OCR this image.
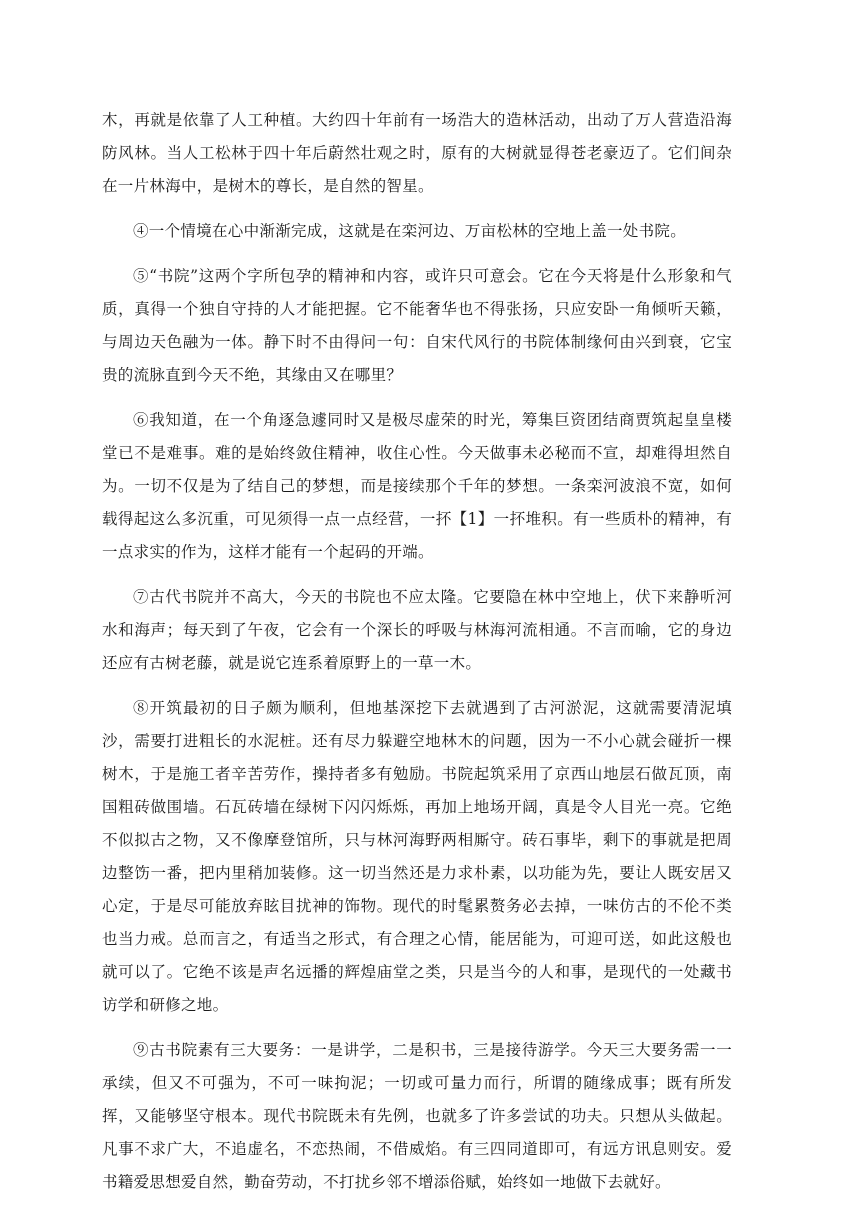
木，再就是依靠了人工种植。大约四十年前有一场浩大的造林活动，出动了万人营造沿海防风林。当人工松林于四十年后蔚然壮观之时，原有的大树就显得苍老豪迈了。它们间杂在一片林海中，是树木的尊长，是自然的智星。

④一个情境在心中渐渐完成，这就是在栾河边、万亩松林的空地上盖一处书院。

⑤“书院”这两个字所包孕的精神和内容，或许只可意会。它在今天将是什么形象和气质，真得一个独自守持的人才能把握。它不能奢华也不得张扬，只应安卧一角倾听天籁，与周边天色融为一体。静下时不由得问一句：自宋代风行的书院体制缘何由兴到衰，它宝贵的流脉直到今天不绝，其缘由又在哪里？

⑥我知道，在一个角逐急遽同时又是极尽虚荣的时光，筹集巨资团结商贾筑起皇皇楼堂已不是难事。难的是始终敛住精神，收住心性。今天做事未必秘而不宣，却难得坦然自为。一切不仅是为了结自己的梦想，而是接续那个千年的梦想。一条栾河波浪不宽，如何载得起这么多沉重，可见须得一点一点经营，一抔【1】一抔堆积。有一些质朴的精神，有一点求实的作为，这样才能有一个起码的开端。

⑦古代书院并不高大，今天的书院也不应太隆。它要隐在林中空地上，伏下来静听河水和海声；每天到了午夜，它会有一个深长的呼吸与林海河流相通。不言而喻，它的身边还应有古树老藤，就是说它连系着原野上的一草一木。

⑧开筑最初的日子颇为顺利，但地基深挖下去就遇到了古河淤泥，这就需要清泥填沙，需要打进粗长的水泥桩。还有尽力躲避空地林木的问题，因为一不小心就会碰折一棵树木，于是施工者辛苦劳作，操持者多有勉励。书院起筑采用了京西山地层石做瓦顶，南国粗砖做围墙。石瓦砖墙在绿树下闪闪烁烁，再加上地场开阔，真是令人目光一亮。它绝不似拟古之物，又不像摩登馆所，只与林河海野两相厮守。砖石事毕，剩下的事就是把周边整饬一番，把内里稍加装修。这一切当然还是力求朴素，以功能为先，要让人既安居又心定，于是尽可能放弃眩目扰神的饰物。现代的时髦累赘务必去掉，一味仿古的不伦不类也当力戒。总而言之，有适当之形式，有合理之心情，能居能为，可迎可送，如此这般也就可以了。它绝不该是声名远播的辉煌庙堂之类，只是当今的人和事，是现代的一处藏书访学和研修之地。

⑨古书院素有三大要务：一是讲学，二是积书，三是接待游学。今天三大要务需一一承续，但又不可强为，不可一味拘泥；一切或可量力而行，所谓的随缘成事；既有所发挥，又能够坚守根本。现代书院既未有先例，也就多了许多尝试的功夫。只想从头做起。凡事不求广大，不追虚名，不恋热闹，不借威焰。有三四同道即可，有远方讯息则安。爱书籍爱思想爱自然，勤奋劳动，不打扰乡邻不增添俗赋，始终如一地做下去就好。
